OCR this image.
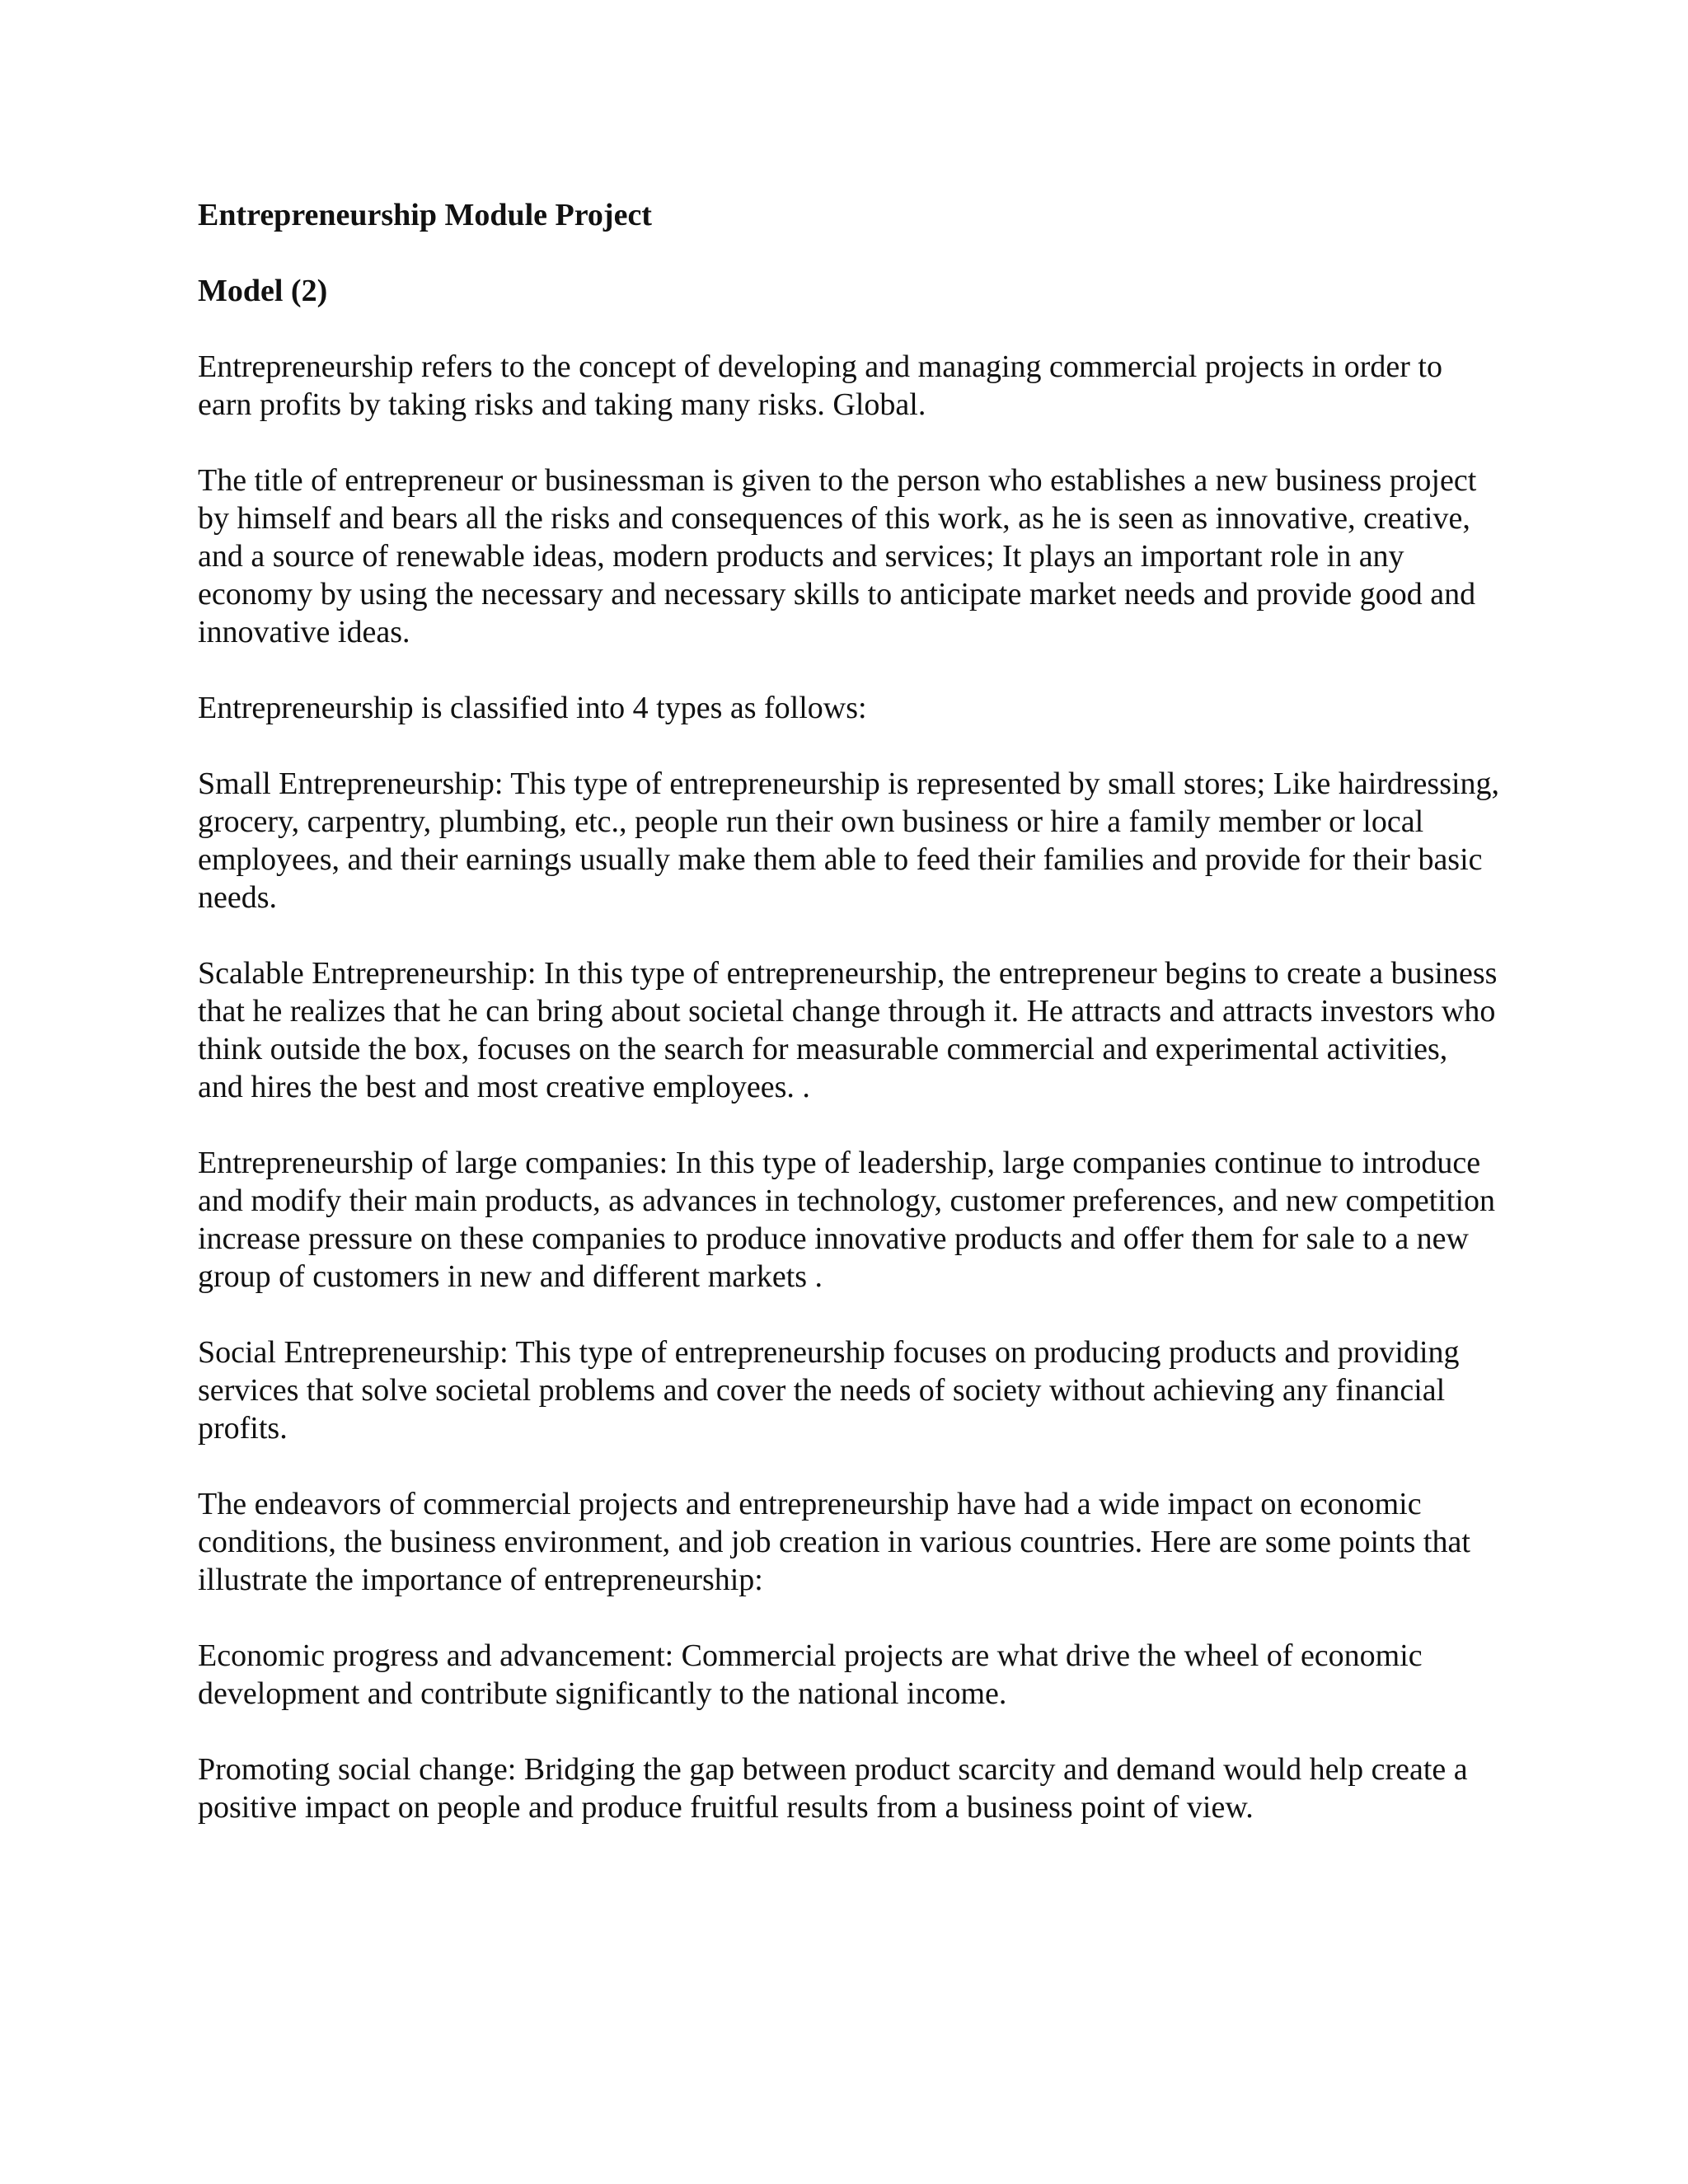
Entrepreneurship Module Project

Model (2)

Entrepreneurship refers to the concept of developing and managing commercial projects in order to earn profits by taking risks and taking many risks. Global.

The title of entrepreneur or businessman is given to the person who establishes a new business project by himself and bears all the risks and consequences of this work, as he is seen as innovative, creative, and a source of renewable ideas, modern products and services; It plays an important role in any economy by using the necessary and necessary skills to anticipate market needs and provide good and innovative ideas.

Entrepreneurship is classified into 4 types as follows:

Small Entrepreneurship: This type of entrepreneurship is represented by small stores; Like hairdressing, grocery, carpentry, plumbing, etc., people run their own business or hire a family member or local employees, and their earnings usually make them able to feed their families and provide for their basic needs.

Scalable Entrepreneurship: In this type of entrepreneurship, the entrepreneur begins to create a business that he realizes that he can bring about societal change through it. He attracts and attracts investors who think outside the box, focuses on the search for measurable commercial and experimental activities, and hires the best and most creative employees. .

Entrepreneurship of large companies: In this type of leadership, large companies continue to introduce and modify their main products, as advances in technology, customer preferences, and new competition increase pressure on these companies to produce innovative products and offer them for sale to a new group of customers in new and different markets .

Social Entrepreneurship: This type of entrepreneurship focuses on producing products and providing services that solve societal problems and cover the needs of society without achieving any financial profits.

The endeavors of commercial projects and entrepreneurship have had a wide impact on economic conditions, the business environment, and job creation in various countries. Here are some points that illustrate the importance of entrepreneurship:

Economic progress and advancement: Commercial projects are what drive the wheel of economic development and contribute significantly to the national income.

Promoting social change: Bridging the gap between product scarcity and demand would help create a positive impact on people and produce fruitful results from a business point of view.
